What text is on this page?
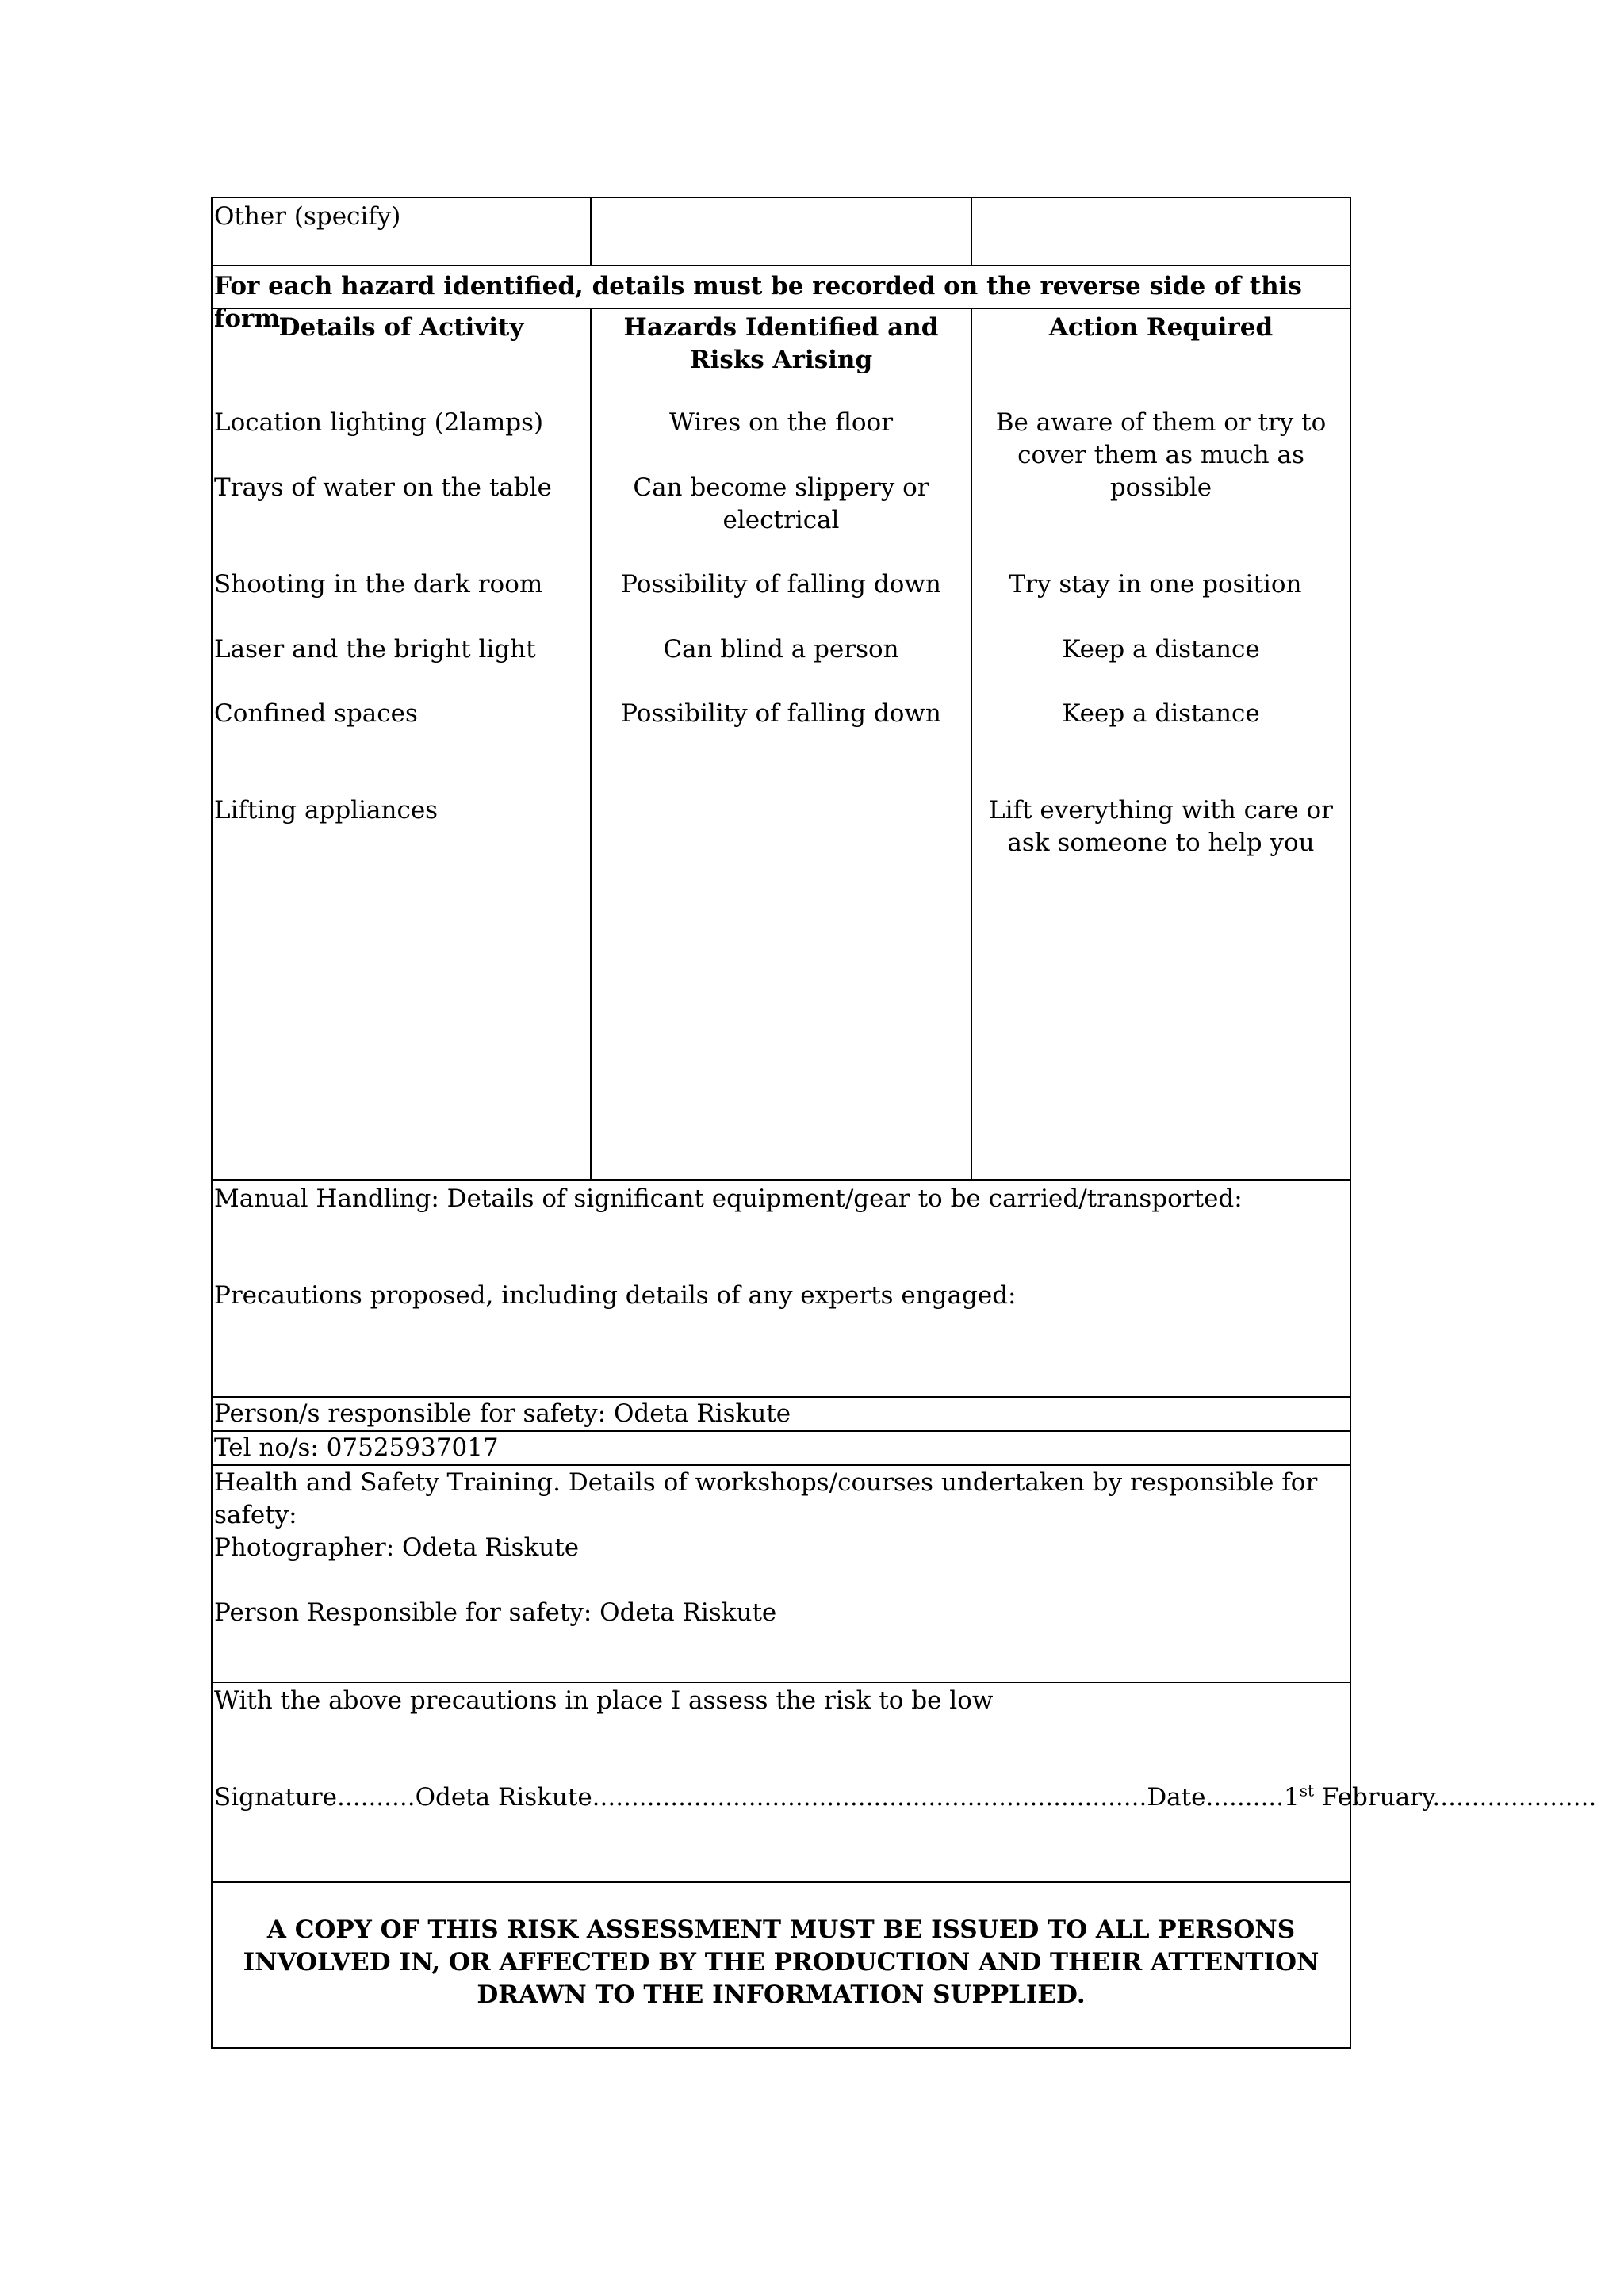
Other (specify)
For each hazard identified, details must be recorded on the reverse side of this form.
Details of Activity
Location lighting (2lamps)
Trays of water on the table
Shooting in the dark room
Laser and the bright light
Confined spaces
Lifting appliances
Hazards Identified and Risks Arising
Wires on the floor
Can become slippery or electrical
Possibility of falling down
Can blind a person
Possibility of falling down
Action Required
Be aware of them or try to cover them as much as possible
Try stay in one position
Keep a distance
Keep a distance
Lift everything with care or ask someone to help you
Manual Handling: Details of significant equipment/gear to be carried/transported:
Precautions proposed, including details of any experts engaged:
Person/s responsible for safety: Odeta Riskute
Tel no/s: 07525937017
Health and Safety Training. Details of workshops/courses undertaken by responsible for safety:
Photographer: Odeta Riskute
Person Responsible for safety: Odeta Riskute
With the above precautions in place I assess the risk to be low
Signature..........Odeta Riskute.......................................................................Date..........1st February.....................
A COPY OF THIS RISK ASSESSMENT MUST BE ISSUED TO ALL PERSONS INVOLVED IN, OR AFFECTED BY THE PRODUCTION AND THEIR ATTENTION DRAWN TO THE INFORMATION SUPPLIED.
